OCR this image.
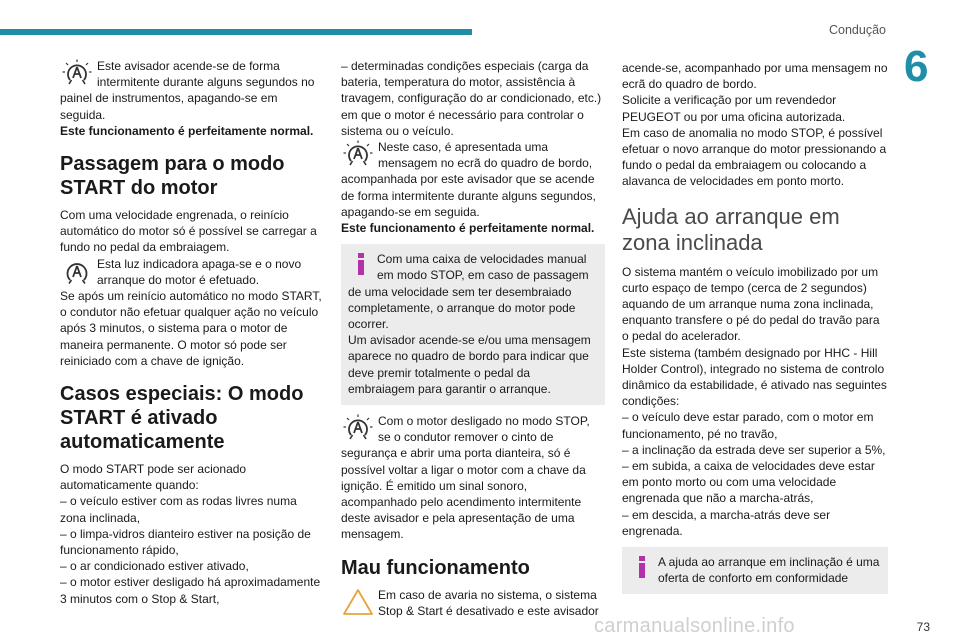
Condução
6

Este avisador acende-se de forma intermitente durante alguns segundos no painel de instrumentos, apagando-se em seguida.

Este funcionamento é perfeitamente normal.

Passagem para o modo START do motor

Com uma velocidade engrenada, o reinício automático do motor só é possível se carregar a fundo no pedal da embraiagem.

Esta luz indicadora apaga-se e o novo arranque do motor é efetuado.

Se após um reinício automático no modo START, o condutor não efetuar qualquer ação no veículo após 3 minutos, o sistema para o motor de maneira permanente. O motor só pode ser reiniciado com a chave de ignição.

Casos especiais: O modo START é ativado automaticamente

O modo START pode ser acionado automaticamente quando:

– o veículo estiver com as rodas livres numa zona inclinada,

– o limpa-vidros dianteiro estiver na posição de funcionamento rápido,

– o ar condicionado estiver ativado,

– o motor estiver desligado há aproximadamente 3 minutos com o Stop & Start,

– determinadas condições especiais (carga da bateria, temperatura do motor, assistência à travagem, configuração do ar condicionado, etc.) em que o motor é necessário para controlar o sistema ou o veículo.

Neste caso, é apresentada uma mensagem no ecrã do quadro de bordo, acompanhada por este avisador que se acende de forma intermitente durante alguns segundos, apagando-se em seguida.

Este funcionamento é perfeitamente normal.

Com uma caixa de velocidades manual em modo STOP, em caso de passagem de uma velocidade sem ter desembraiado completamente, o arranque do motor pode ocorrer.

Um avisador acende-se e/ou uma mensagem aparece no quadro de bordo para indicar que deve premir totalmente o pedal da embraiagem para garantir o arranque.

Com o motor desligado no modo STOP, se o condutor remover o cinto de segurança e abrir uma porta dianteira, só é possível voltar a ligar o motor com a chave da ignição. É emitido um sinal sonoro, acompanhado pelo acendimento intermitente deste avisador e pela apresentação de uma mensagem.

Mau funcionamento

Em caso de avaria no sistema, o sistema Stop & Start é desativado e este avisador

acende-se, acompanhado por uma mensagem no ecrã do quadro de bordo.

Solicite a verificação por um revendedor PEUGEOT ou por uma oficina autorizada.

Em caso de anomalia no modo STOP, é possível efetuar o novo arranque do motor pressionando a fundo o pedal da embraiagem ou colocando a alavanca de velocidades em ponto morto.

Ajuda ao arranque em zona inclinada

O sistema mantém o veículo imobilizado por um curto espaço de tempo (cerca de 2 segundos) aquando de um arranque numa zona inclinada, enquanto transfere o pé do pedal do travão para o pedal do acelerador.

Este sistema (também designado por HHC - Hill Holder Control), integrado no sistema de controlo dinâmico da estabilidade, é ativado nas seguintes condições:

– o veículo deve estar parado, com o motor em funcionamento, pé no travão,

– a inclinação da estrada deve ser superior a 5%,

– em subida, a caixa de velocidades deve estar em ponto morto ou com uma velocidade engrenada que não a marcha-atrás,

– em descida, a marcha-atrás deve ser engrenada.

A ajuda ao arranque em inclinação é uma oferta de conforto em conformidade

carmanualsonline.info	73
